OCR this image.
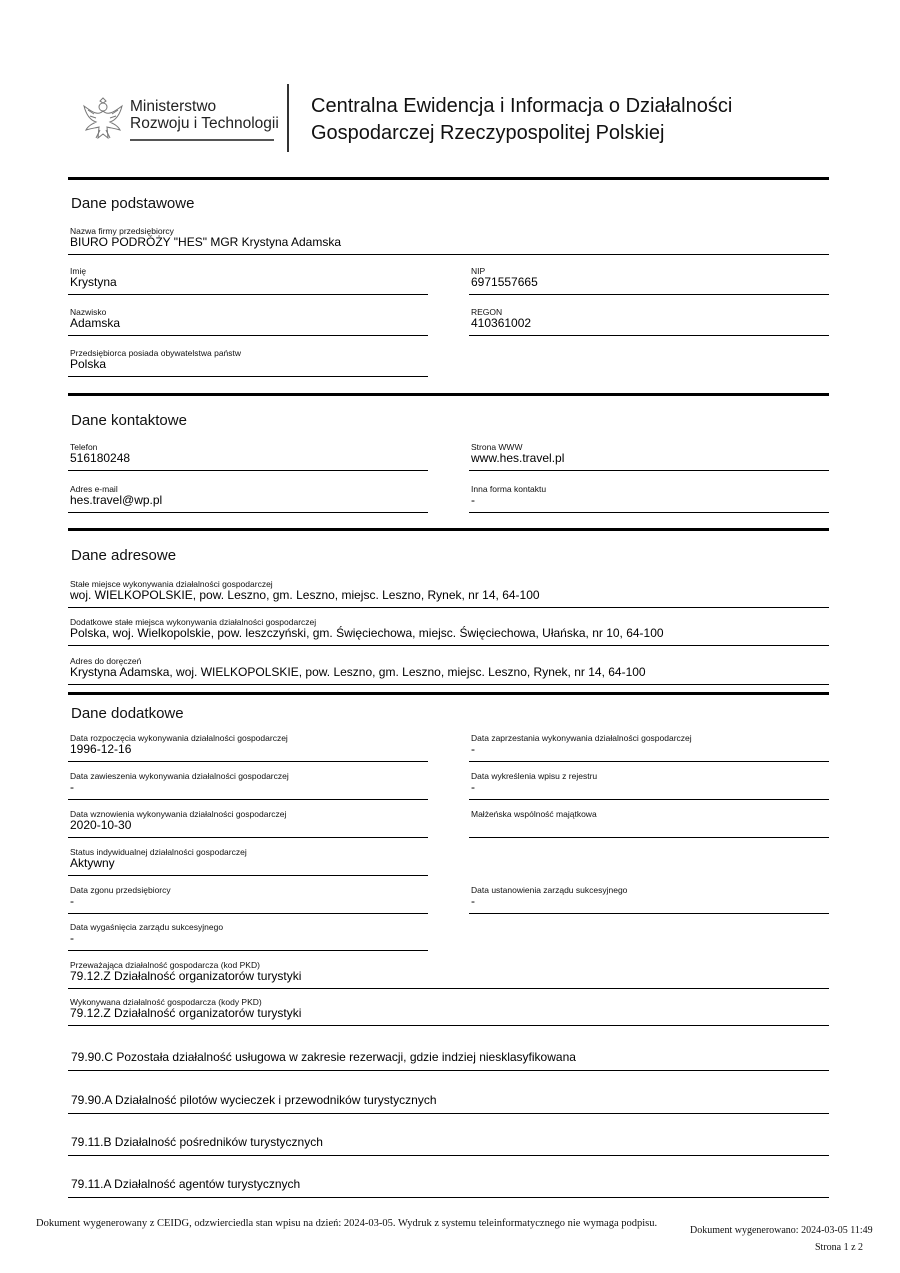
Ministerstwo
Rozwoju i Technologii
Centralna Ewidencja i Informacja o Działalności
Gospodarczej Rzeczypospolitej Polskiej
Dane podstawowe
Nazwa firmy przedsiębiorcy
BIURO PODRÓŻY "HES" MGR Krystyna Adamska
Imię
Krystyna
NIP
6971557665
Nazwisko
Adamska
REGON
410361002
Przedsiębiorca posiada obywatelstwa państw
Polska
Dane kontaktowe
Telefon
516180248
Strona WWW
www.hes.travel.pl
Adres e-mail
hes.travel@wp.pl
Inna forma kontaktu
-
Dane adresowe
Stałe miejsce wykonywania działalności gospodarczej
woj. WIELKOPOLSKIE, pow. Leszno, gm. Leszno, miejsc. Leszno, Rynek, nr 14, 64-100
Dodatkowe stałe miejsca wykonywania działalności gospodarczej
Polska, woj. Wielkopolskie, pow. leszczyński, gm. Święciechowa, miejsc. Święciechowa, Ułańska, nr 10, 64-100
Adres do doręczeń
Krystyna Adamska, woj. WIELKOPOLSKIE, pow. Leszno, gm. Leszno, miejsc. Leszno, Rynek, nr 14, 64-100
Dane dodatkowe
Data rozpoczęcia wykonywania działalności gospodarczej
1996-12-16
Data zaprzestania wykonywania działalności gospodarczej
-
Data zawieszenia wykonywania działalności gospodarczej
-
Data wykreślenia wpisu z rejestru
-
Data wznowienia wykonywania działalności gospodarczej
2020-10-30
Małżeńska wspólność majątkowa
Status indywidualnej działalności gospodarczej
Aktywny
Data zgonu przedsiębiorcy
-
Data ustanowienia zarządu sukcesyjnego
-
Data wygaśnięcia zarządu sukcesyjnego
-
Przeważająca działalność gospodarcza (kod PKD)
79.12.Z Działalność organizatorów turystyki
Wykonywana działalność gospodarcza (kody PKD)
79.12.Z Działalność organizatorów turystyki
79.90.C Pozostała działalność usługowa w zakresie rezerwacji, gdzie indziej niesklasyfikowana
79.90.A Działalność pilotów wycieczek i przewodników turystycznych
79.11.B Działalność pośredników turystycznych
79.11.A Działalność agentów turystycznych
Dokument wygenerowany z CEIDG, odzwierciedla stan wpisu na dzień: 2024-03-05. Wydruk z systemu teleinformatycznego nie wymaga podpisu.
Dokument wygenerowano: 2024-03-05 11:49
Strona 1 z 2
